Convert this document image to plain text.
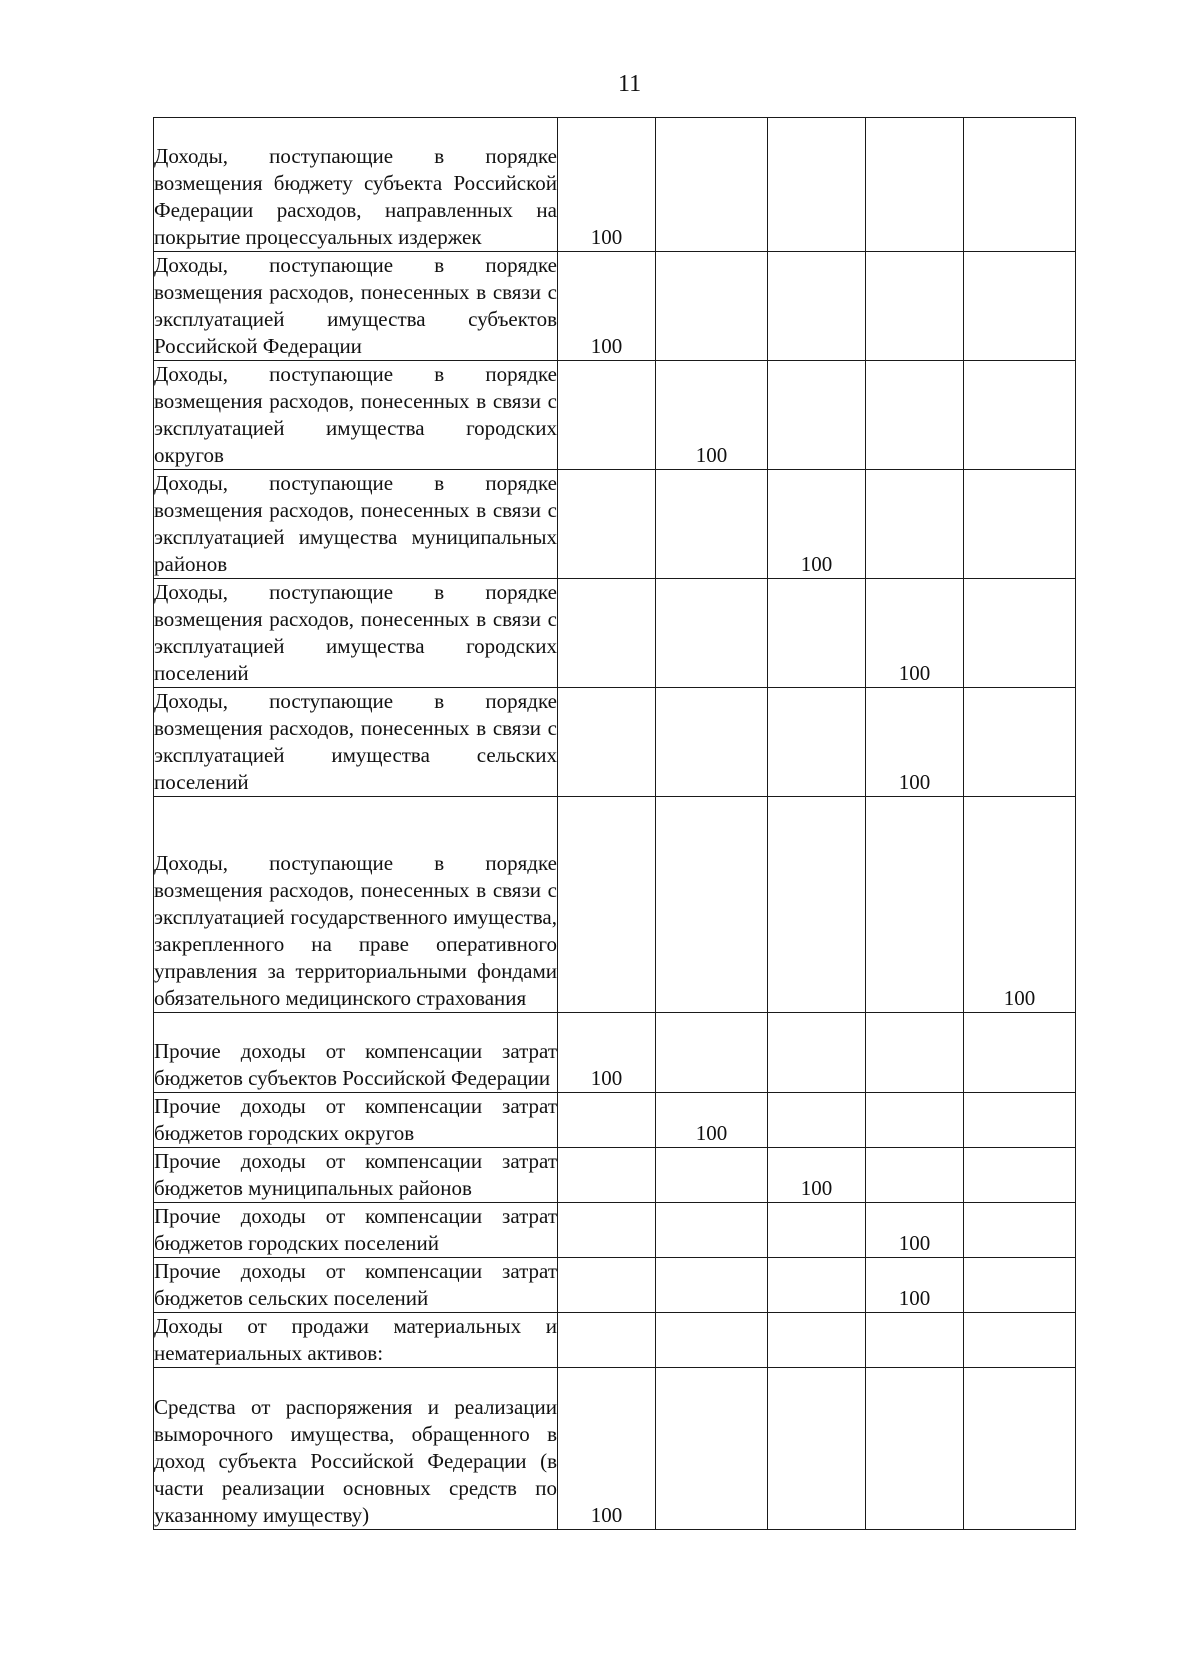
11
Доходы, поступающие в порядке возмещения бюджету субъекта Российской Федерации расходов, направленных на покрытие процессуальных издержек	100				
Доходы, поступающие в порядке возмещения расходов, понесенных в связи с эксплуатацией имущества субъектов Российской Федерации	100				
Доходы, поступающие в порядке возмещения расходов, понесенных в связи с эксплуатацией имущества городских округов		100			
Доходы, поступающие в порядке возмещения расходов, понесенных в связи с эксплуатацией имущества муниципальных районов			100		
Доходы, поступающие в порядке возмещения расходов, понесенных в связи с эксплуатацией имущества городских поселений				100	
Доходы, поступающие в порядке возмещения расходов, понесенных в связи с эксплуатацией имущества сельских поселений				100	
Доходы, поступающие в порядке возмещения расходов, понесенных в связи с эксплуатацией государственного имущества, закрепленного на праве оперативного управления за территориальными фондами обязательного медицинского страхования					100
Прочие доходы от компенсации затрат бюджетов субъектов Российской Федерации	100				
Прочие доходы от компенсации затрат бюджетов городских округов		100			
Прочие доходы от компенсации затрат бюджетов муниципальных районов			100		
Прочие доходы от компенсации затрат бюджетов городских поселений				100	
Прочие доходы от компенсации затрат бюджетов сельских поселений				100	
Доходы от продажи материальных и нематериальных активов:					
Средства от распоряжения и реализации выморочного имущества, обращенного в доход субъекта Российской Федерации (в части реализации основных средств по указанному имуществу)	100				
